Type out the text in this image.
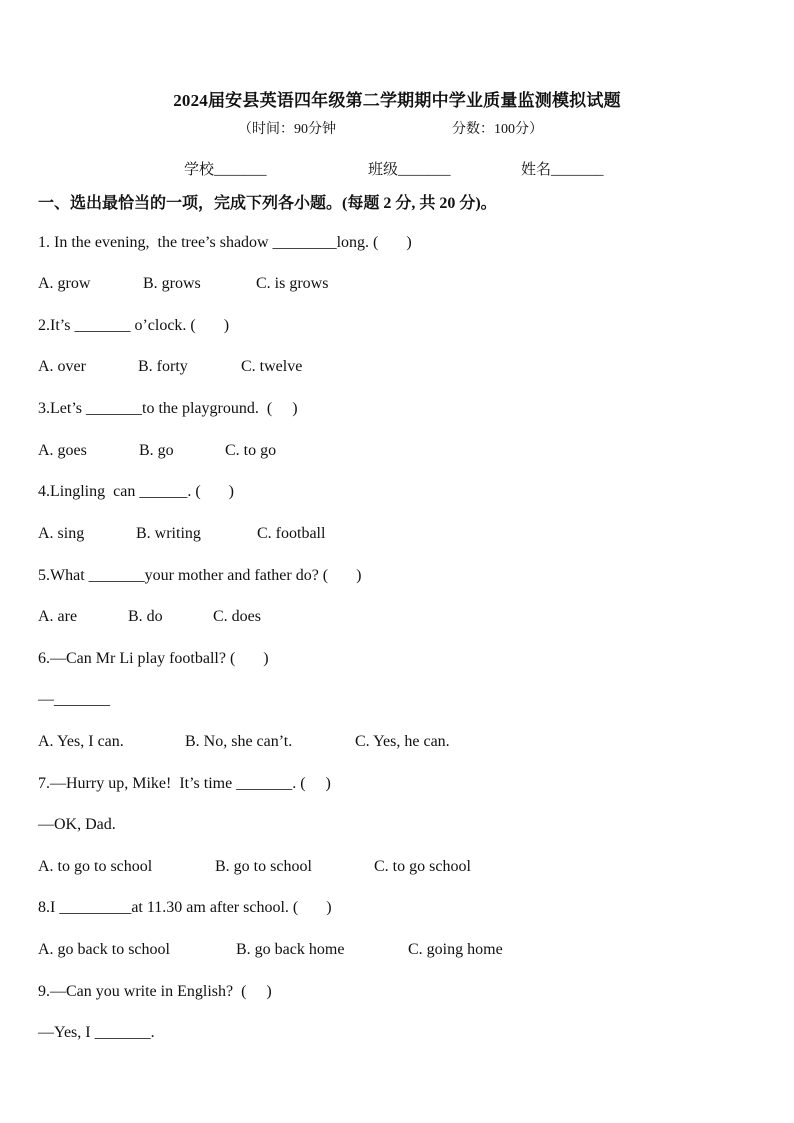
2024届安县英语四年级第二学期期中学业质量监测模拟试题
（时间：90分钟	分数：100分）
学校_______	班级_______	姓名_______
一、选出最恰当的一项，完成下列各小题。(每题 2 分, 共 20 分)。
1. In the evening,  the tree’s shadow ________long. (       )
A. grow	B. grows	C. is grows
2.It’s _______ o’clock. (       )
A. over	B. forty	C. twelve
3.Let’s _______to the playground.  (     )
A. goes	B. go	C. to go
4.Lingling  can ______. (       )
A. sing	B. writing	C. football
5.What _______your mother and father do? (       )
A. are	B. do	C. does
6.—Can Mr Li play football? (       )
—_______
A. Yes, I can.	B. No, she can’t.	C. Yes, he can.
7.—Hurry up, Mike!  It’s time _______. (     )
—OK, Dad.
A. to go to school	B. go to school	C. to go school
8.I _________at 11.30 am after school. (       )
A. go back to school	B. go back home	C. going home
9.—Can you write in English?  (     )
—Yes, I _______.
